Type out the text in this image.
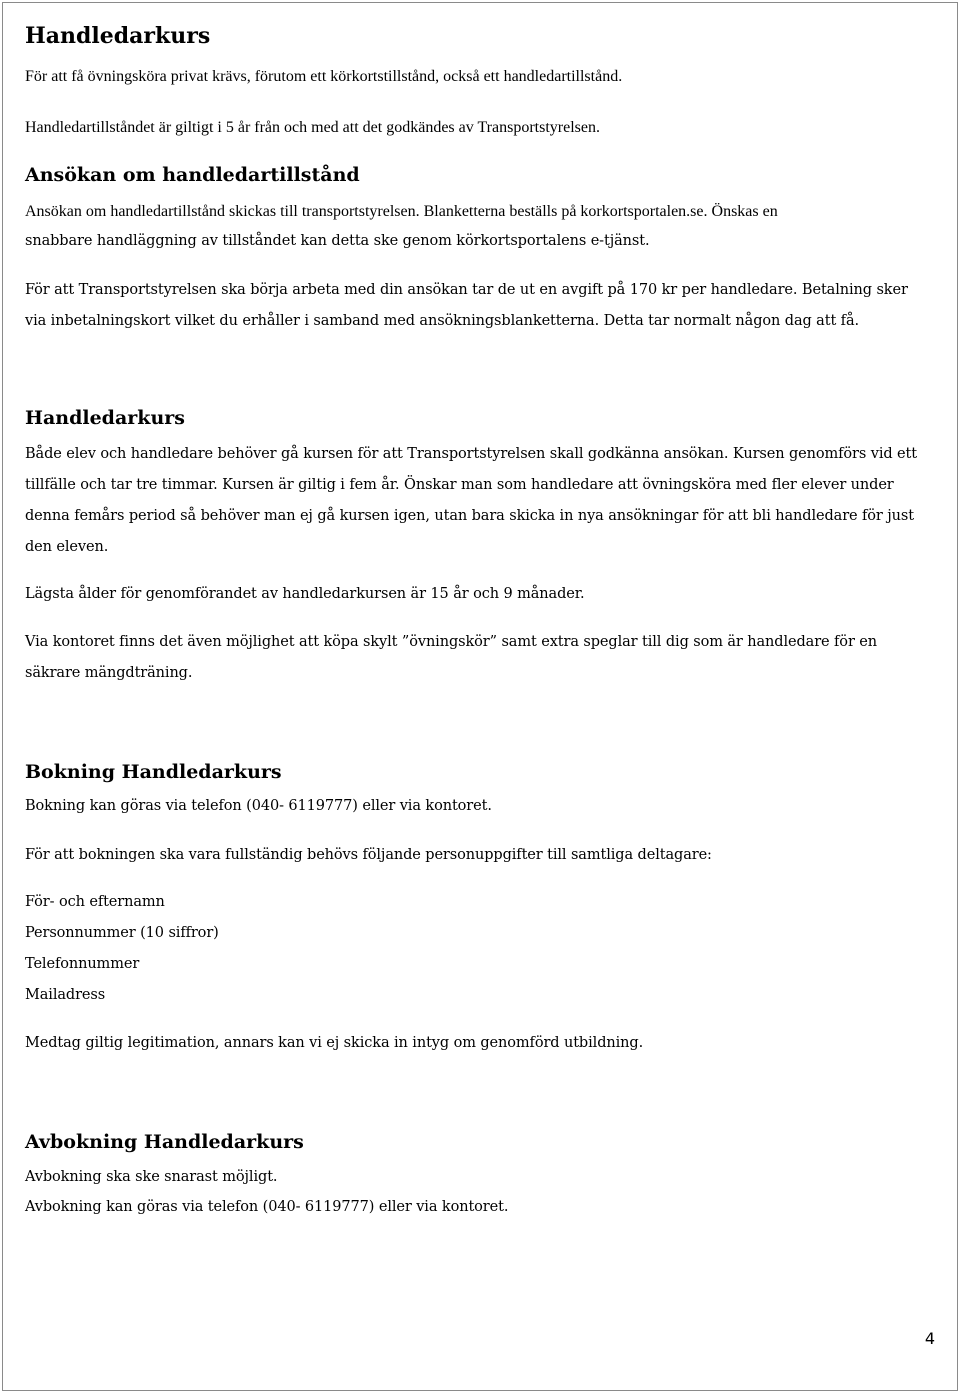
Handledarkurs

För att få övningsköra privat krävs, förutom ett körkortstillstånd, också ett handledartillstånd.

Handledartillståndet är giltigt i 5 år från och med att det godkändes av Transportstyrelsen.

Ansökan om handledartillstånd

Ansökan om handledartillstånd skickas till transportstyrelsen. Blanketterna beställs på korkortsportalen.se. Önskas en

snabbare handläggning av tillståndet kan detta ske genom körkortsportalens e-tjänst.

För att Transportstyrelsen ska börja arbeta med din ansökan tar de ut en avgift på 170 kr per handledare. Betalning sker

via inbetalningskort vilket du erhåller i samband med ansökningsblanketterna. Detta tar normalt någon dag att få.

Handledarkurs

Både elev och handledare behöver gå kursen för att Transportstyrelsen skall godkänna ansökan. Kursen genomförs vid ett

tillfälle och tar tre timmar. Kursen är giltig i fem år. Önskar man som handledare att övningsköra med fler elever under

denna femårs period så behöver man ej gå kursen igen, utan bara skicka in nya ansökningar för att bli handledare för just

den eleven.

Lägsta ålder för genomförandet av handledarkursen är 15 år och 9 månader.

Via kontoret finns det även möjlighet att köpa skylt ”övningskör” samt extra speglar till dig som är handledare för en

säkrare mängdträning.

Bokning Handledarkurs

Bokning kan göras via telefon (040- 6119777) eller via kontoret.

För att bokningen ska vara fullständig behövs följande personuppgifter till samtliga deltagare:

För- och efternamn

Personnummer (10 siffror)

Telefonnummer

Mailadress

Medtag giltig legitimation, annars kan vi ej skicka in intyg om genomförd utbildning.

Avbokning Handledarkurs

Avbokning ska ske snarast möjligt.

Avbokning kan göras via telefon (040- 6119777) eller via kontoret.

4
